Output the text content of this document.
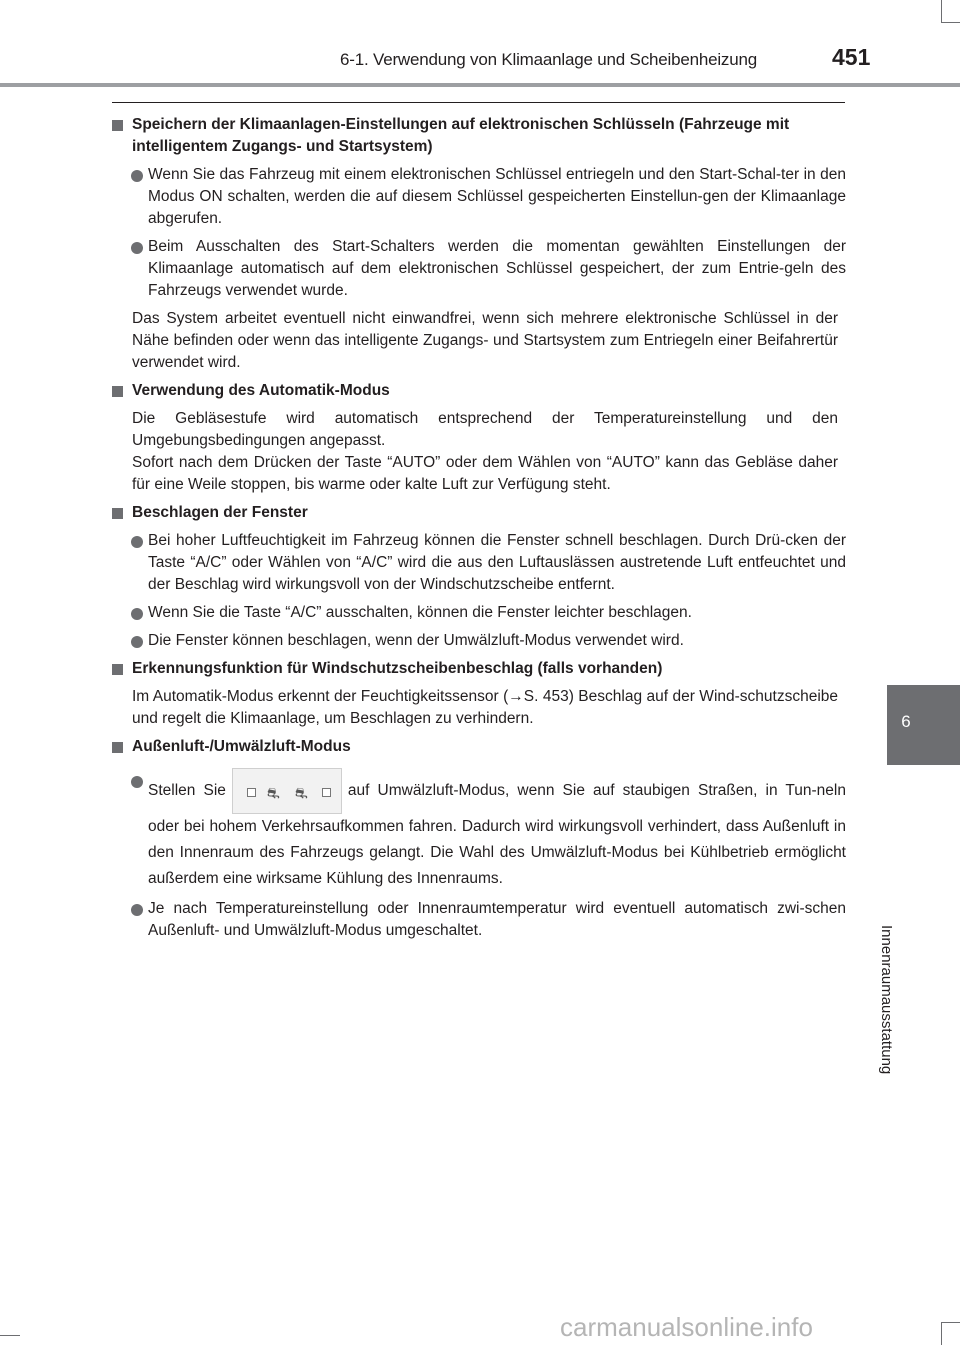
6-1. Verwendung von Klimaanlage und Scheibenheizung	451
6
Innenraumausstattung

Speichern der Klimaanlagen-Einstellungen auf elektronischen Schlüsseln (Fahrzeuge mit intelligentem Zugangs- und Startsystem)

Wenn Sie das Fahrzeug mit einem elektronischen Schlüssel entriegeln und den Start-Schal-ter in den Modus ON schalten, werden die auf diesem Schlüssel gespeicherten Einstellun-gen der Klimaanlage abgerufen.

Beim Ausschalten des Start-Schalters werden die momentan gewählten Einstellungen der Klimaanlage automatisch auf dem elektronischen Schlüssel gespeichert, der zum Entrie-geln des Fahrzeugs verwendet wurde.

Das System arbeitet eventuell nicht einwandfrei, wenn sich mehrere elektronische Schlüssel in der Nähe befinden oder wenn das intelligente Zugangs- und Startsystem zum Entriegeln einer Beifahrertür verwendet wird.

Verwendung des Automatik-Modus

Die Gebläsestufe wird automatisch entsprechend der Temperatureinstellung und den Umgebungsbedingungen angepasst.

Sofort nach dem Drücken der Taste “AUTO” oder dem Wählen von “AUTO” kann das Gebläse daher für eine Weile stoppen, bis warme oder kalte Luft zur Verfügung steht.

Beschlagen der Fenster

Bei hoher Luftfeuchtigkeit im Fahrzeug können die Fenster schnell beschlagen. Durch Drü-cken der Taste “A/C” oder Wählen von “A/C” wird die aus den Luftauslässen austretende Luft entfeuchtet und der Beschlag wird wirkungsvoll von der Windschutzscheibe entfernt.

Wenn Sie die Taste “A/C” ausschalten, können die Fenster leichter beschlagen.

Die Fenster können beschlagen, wenn der Umwälzluft-Modus verwendet wird.

Erkennungsfunktion für Windschutzscheibenbeschlag (falls vorhanden)

Im Automatik-Modus erkennt der Feuchtigkeitssensor (→S. 453) Beschlag auf der Wind-schutzscheibe und regelt die Klimaanlage, um Beschlagen zu verhindern.

Außenluft-/Umwälzluft-Modus

Stellen Sie	⛐ ⛐	auf Umwälzluft-Modus, wenn Sie auf staubigen Straßen, in Tun-neln oder bei hohem Verkehrsaufkommen fahren. Dadurch wird wirkungsvoll verhindert, dass Außenluft in den Innenraum des Fahrzeugs gelangt. Die Wahl des Umwälzluft-Modus bei Kühlbetrieb ermöglicht außerdem eine wirksame Kühlung des Innenraums.

Je nach Temperatureinstellung oder Innenraumtemperatur wird eventuell automatisch zwi-schen Außenluft- und Umwälzluft-Modus umgeschaltet.

carmanualsonline.info
